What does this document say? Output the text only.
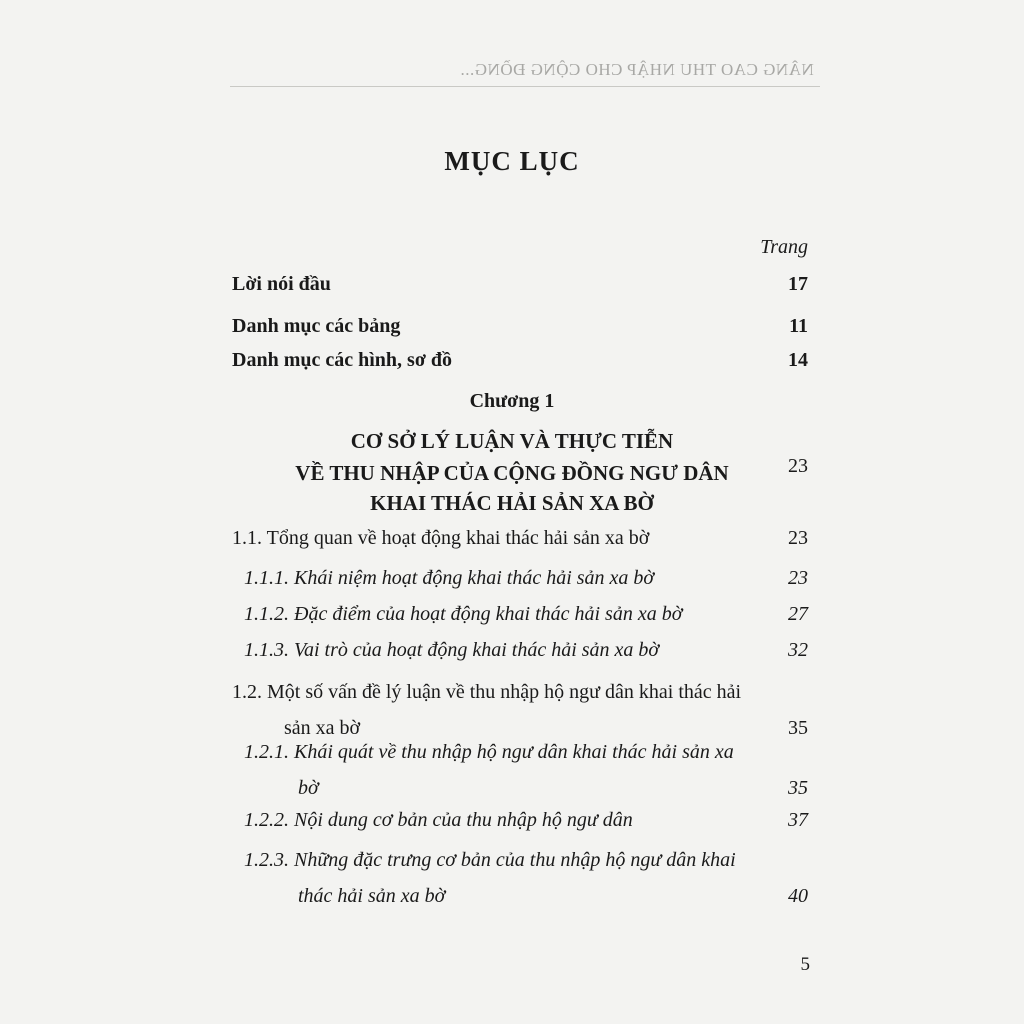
NÂNG CAO THU NHẬP CHO CỘNG ĐỒNG...
MỤC LỤC
Trang
Lời nói đầu	17
Danh mục các bảng	11
Danh mục các hình, sơ đồ	14
Chương 1
CƠ SỞ LÝ LUẬN VÀ THỰC TIỄN
VỀ THU NHẬP CỦA CỘNG ĐỒNG NGƯ DÂN
KHAI THÁC HẢI SẢN XA BỜ
23
1.1. Tổng quan về hoạt động khai thác hải sản xa bờ	23
1.1.1. Khái niệm hoạt động khai thác hải sản xa bờ	23
1.1.2. Đặc điểm của hoạt động khai thác hải sản xa bờ	27
1.1.3. Vai trò của hoạt động khai thác hải sản xa bờ	32
1.2. Một số vấn đề lý luận về thu nhập hộ ngư dân khai thác hải sản xa bờ	35
1.2.1. Khái quát về thu nhập hộ ngư dân khai thác hải sản xa bờ	35
1.2.2. Nội dung cơ bản của thu nhập hộ ngư dân	37
1.2.3. Những đặc trưng cơ bản của thu nhập hộ ngư dân khai thác hải sản xa bờ	40
5
